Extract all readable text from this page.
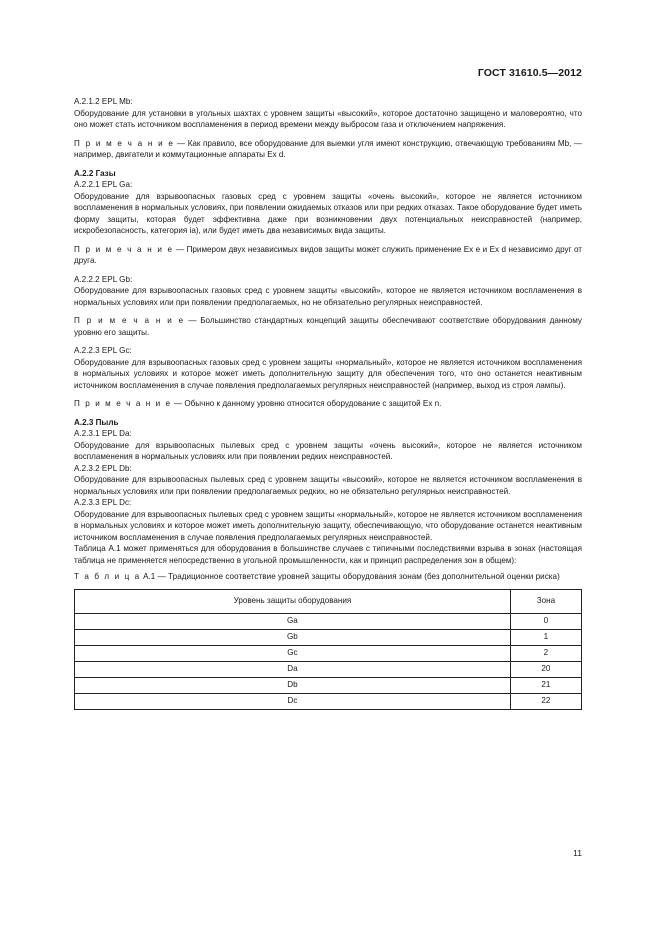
ГОСТ 31610.5—2012

А.2.1.2 EPL Mb:

Оборудование для установки в угольных шахтах с уровнем защиты «высокий», которое достаточно защищено и маловероятно, что оно может стать источником воспламенения в период времени между выбросом газа и отключением напряжения.

П р и м е ч а н и е — Как правило, все оборудование для выемки угля имеют конструкцию, отвечающую требованиям Mb, — например, двигатели и коммутационные аппараты Ex d.

А.2.2 Газы

А.2.2.1 EPL Ga:

Оборудование для взрывоопасных газовых сред с уровнем защиты «очень высокий», которое не является источником воспламенения в нормальных условиях, при появлении ожидаемых отказов или при редких отказах. Такое оборудование будет иметь форму защиты, которая будет эффективна даже при возникновении двух потенциальных неисправностей (например, искробезопасность, категория ia), или будет иметь два независимых вида защиты.

П р и м е ч а н и е — Примером двух независимых видов защиты может служить применение Ex e и Ex d независимо друг от друга.

А.2.2.2 EPL Gb:

Оборудование для взрывоопасных газовых сред с уровнем защиты «высокий», которое не является источником воспламенения в нормальных условиях или при появлении предполагаемых, но не обязательно регулярных неисправностей.

П р и м е ч а н и е — Большинство стандартных концепций защиты обеспечивают соответствие оборудования данному уровню его защиты.

А.2.2.3 EPL Gc:

Оборудование для взрывоопасных газовых сред с уровнем защиты «нормальный», которое не является источником воспламенения в нормальных условиях и которое может иметь дополнительную защиту для обеспечения того, что оно останется неактивным источником воспламенения в случае появления предполагаемых регулярных неисправностей (например, выход из строя лампы).

П р и м е ч а н и е — Обычно к данному уровню относится оборудование с защитой Ex n.

А.2.3 Пыль

А.2.3.1 EPL Da:

Оборудование для взрывоопасных пылевых сред с уровнем защиты «очень высокий», которое не является источником воспламенения в нормальных условиях или при появлении редких неисправностей.

А.2.3.2 EPL Db:

Оборудование для взрывоопасных пылевых сред с уровнем защиты «высокий», которое не является источником воспламенения в нормальных условиях или при появлении предполагаемых редких, но не обязательно регулярных неисправностей.

А.2.3.3 EPL Dc:

Оборудование для взрывоопасных пылевых сред с уровнем защиты «нормальный», которое не является источником воспламенения в нормальных условиях и которое может иметь дополнительную защиту, обеспечивающую, что оборудование останется неактивным источником воспламенения в случае появления предполагаемых регулярных неисправностей.

Таблица А.1 может применяться для оборудования в большинстве случаев с типичными последствиями взрыва в зонах (настоящая таблица не применяется непосредственно в угольной промышленности, как и принцип распределения зон в общем):

Т а б л и ц а А.1 — Традиционное соответствие уровней защиты оборудования зонам (без дополнительной оценки риска)

Уровень защиты оборудования	Зона
Ga	0
Gb	1
Gc	2
Da	20
Db	21
Dc	22
11
